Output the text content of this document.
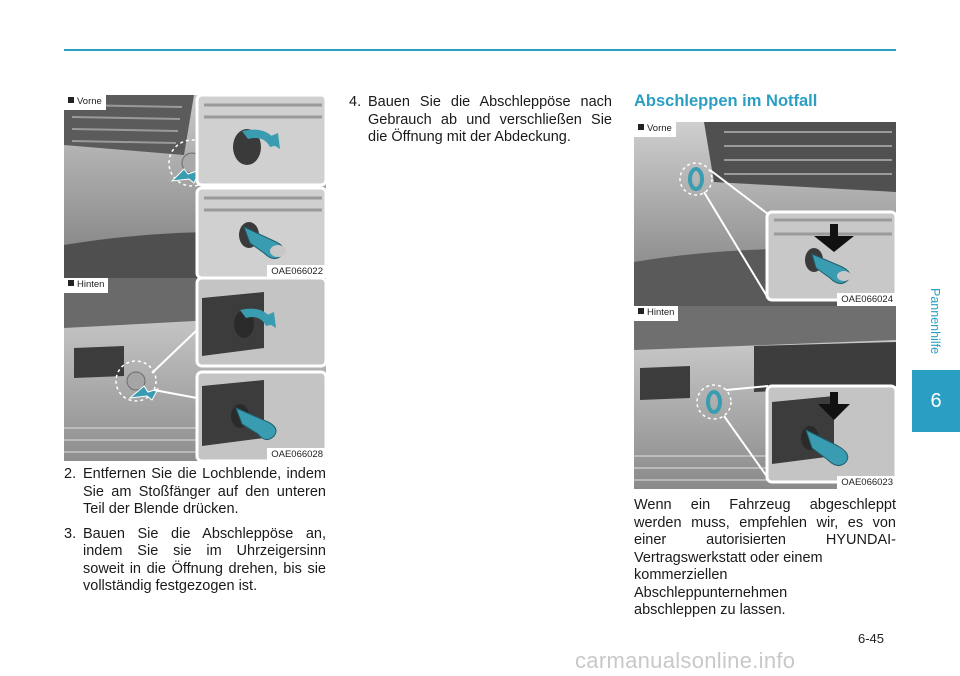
Vorne
OAE066022
Hinten
OAE066028
2. Entfernen Sie die Lochblende, indem Sie am Stoßfänger auf den unteren Teil der Blende drücken.
3. Bauen Sie die Abschleppöse an, indem Sie sie im Uhrzeigersinn soweit in die Öffnung drehen, bis sie vollständig festgezogen ist.
4. Bauen Sie die Abschleppöse nach Gebrauch ab und verschließen Sie die Öffnung mit der Abdeckung.
Abschleppen im Notfall
Vorne
OAE066024
Hinten
OAE066023
Wenn ein Fahrzeug abgeschleppt werden muss, empfehlen wir, es von einer autorisierten HYUNDAI-Vertragswerkstatt oder einem
kommerziellen
Abschleppunternehmen
abschleppen zu lassen.
Pannenhilfe
6
6-45
carmanualsonline.info
